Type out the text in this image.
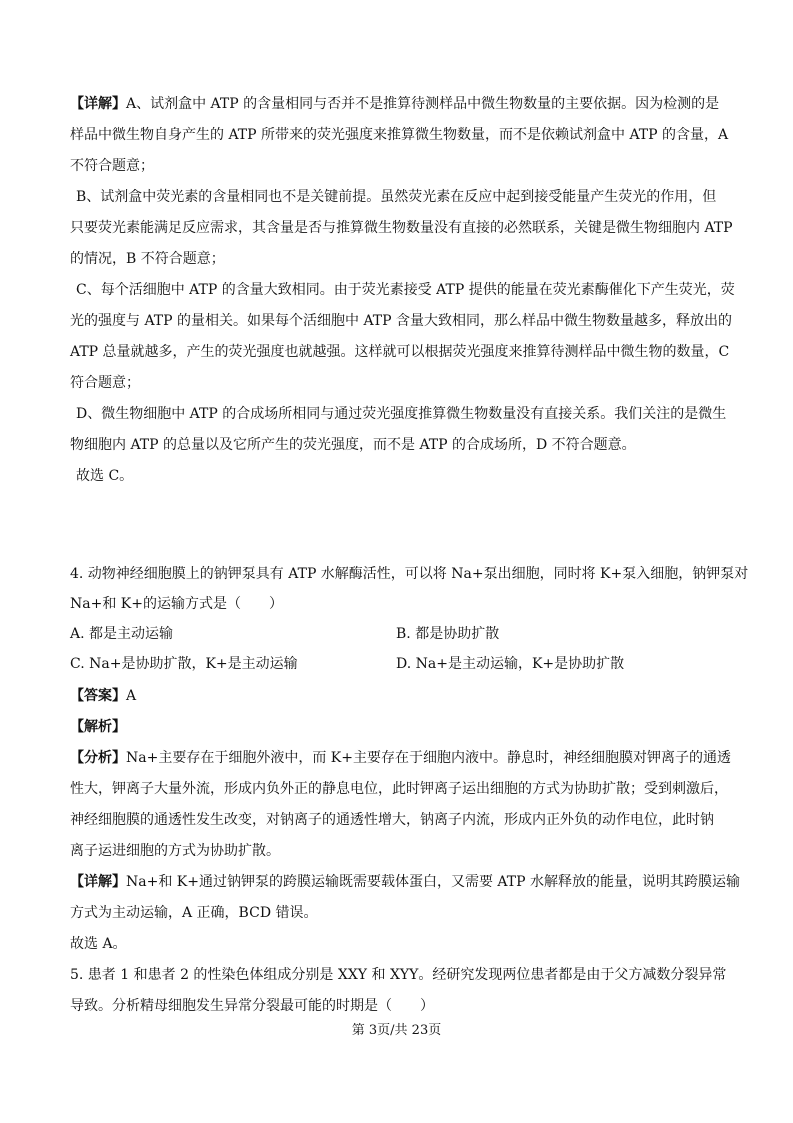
【详解】A、试剂盒中 ATP 的含量相同与否并不是推算待测样品中微生物数量的主要依据。因为检测的是
样品中微生物自身产生的 ATP 所带来的荧光强度来推算微生物数量，而不是依赖试剂盒中 ATP 的含量，A
不符合题意；
B、试剂盒中荧光素的含量相同也不是关键前提。虽然荧光素在反应中起到接受能量产生荧光的作用，但
只要荧光素能满足反应需求，其含量是否与推算微生物数量没有直接的必然联系，关键是微生物细胞内 ATP
的情况，B 不符合题意；
C、每个活细胞中 ATP 的含量大致相同。由于荧光素接受 ATP 提供的能量在荧光素酶催化下产生荧光，荧
光的强度与 ATP 的量相关。如果每个活细胞中 ATP 含量大致相同，那么样品中微生物数量越多，释放出的
ATP 总量就越多，产生的荧光强度也就越强。这样就可以根据荧光强度来推算待测样品中微生物的数量，C
符合题意；
D、微生物细胞中 ATP 的合成场所相同与通过荧光强度推算微生物数量没有直接关系。我们关注的是微生
物细胞内 ATP 的总量以及它所产生的荧光强度，而不是 ATP 的合成场所，D 不符合题意。
故选 C。
4. 动物神经细胞膜上的钠钾泵具有 ATP 水解酶活性，可以将 Na+泵出细胞，同时将 K+泵入细胞，钠钾泵对
Na+和 K+的运输方式是（　　）
A. 都是主动运输	B. 都是协助扩散
C. Na+是协助扩散，K+是主动运输	D. Na+是主动运输，K+是协助扩散
【答案】A
【解析】
【分析】Na+主要存在于细胞外液中，而 K+主要存在于细胞内液中。静息时，神经细胞膜对钾离子的通透
性大，钾离子大量外流，形成内负外正的静息电位，此时钾离子运出细胞的方式为协助扩散；受到刺激后，
神经细胞膜的通透性发生改变，对钠离子的通透性增大，钠离子内流，形成内正外负的动作电位，此时钠
离子运进细胞的方式为协助扩散。
【详解】Na+和 K+通过钠钾泵的跨膜运输既需要载体蛋白，又需要 ATP 水解释放的能量，说明其跨膜运输
方式为主动运输，A 正确，BCD 错误。
故选 A。
5. 患者 1 和患者 2 的性染色体组成分别是 XXY 和 XYY。经研究发现两位患者都是由于父方减数分裂异常
导致。分析精母细胞发生异常分裂最可能的时期是（　　）
第 3页/共 23页
